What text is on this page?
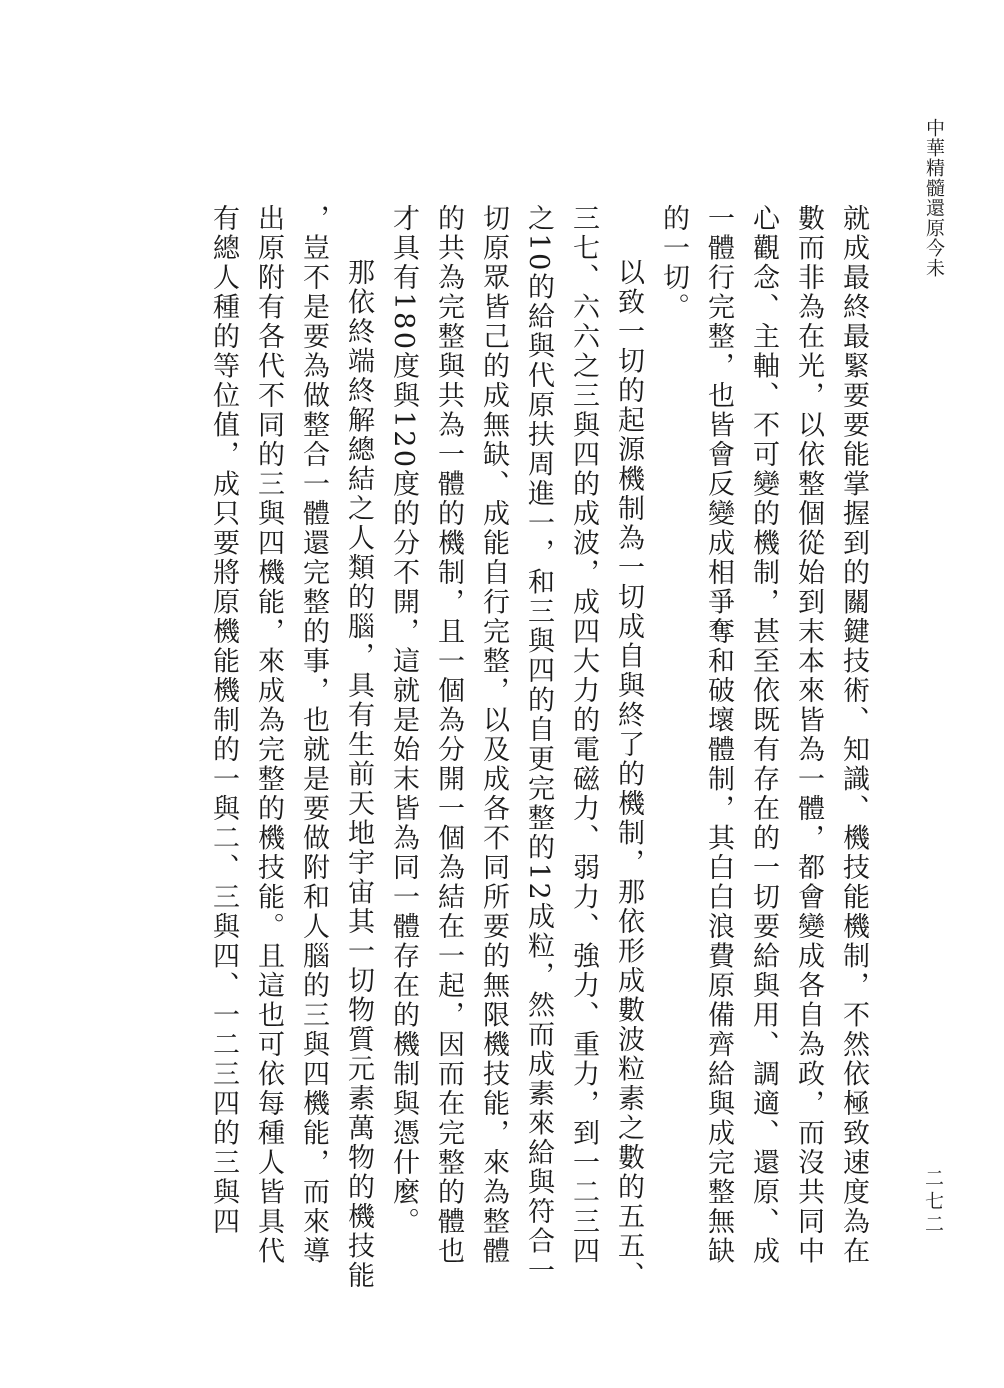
中華精髓還原今未

就成最終最緊要要能掌握到的關鍵技術、知識、機技能機制，不然依極致速度為在數而非為在光，以依整個從始到末本來皆為一體，都會變成各自為政，而沒共同中心觀念、主軸、不可變的機制，甚至依既有存在的一切要給與用、調適、還原、成一體行完整，也皆會反變成相爭奪和破壞體制，其白白浪費原備齊給與成完整無缺的一切。

以致一切的起源機制為一切成自與終了的機制，那依形成數波粒素之數的五五、三七、六六之三與四的成波，成四大力的電磁力、弱力、強力、重力，到一二三四之10的給與代原扶周進一，和三與四的自更完整的12成粒，然而成素來給與符合一切原眾皆己的成無缺、成能自行完整，以及成各不同所要的無限機技能，來為整體的共為完整與共為一體的機制，且一個為分開一個為結在一起，因而在完整的體也才具有180度與120度的分不開，這就是始末皆為同一體存在的機制與憑什麼。

那依終端終解總結之人類的腦，具有生前天地宇宙其一切物質元素萬物的機技能，豈不是要為做整合一體還完整的事，也就是要做附和人腦的三與四機能，而來導出原附有各代不同的三與四機能，來成為完整的機技能。且這也可依每種人皆具代有總人種的等位值，成只要將原機能機制的一與二、三與四、一二三四的三與四	二七二
